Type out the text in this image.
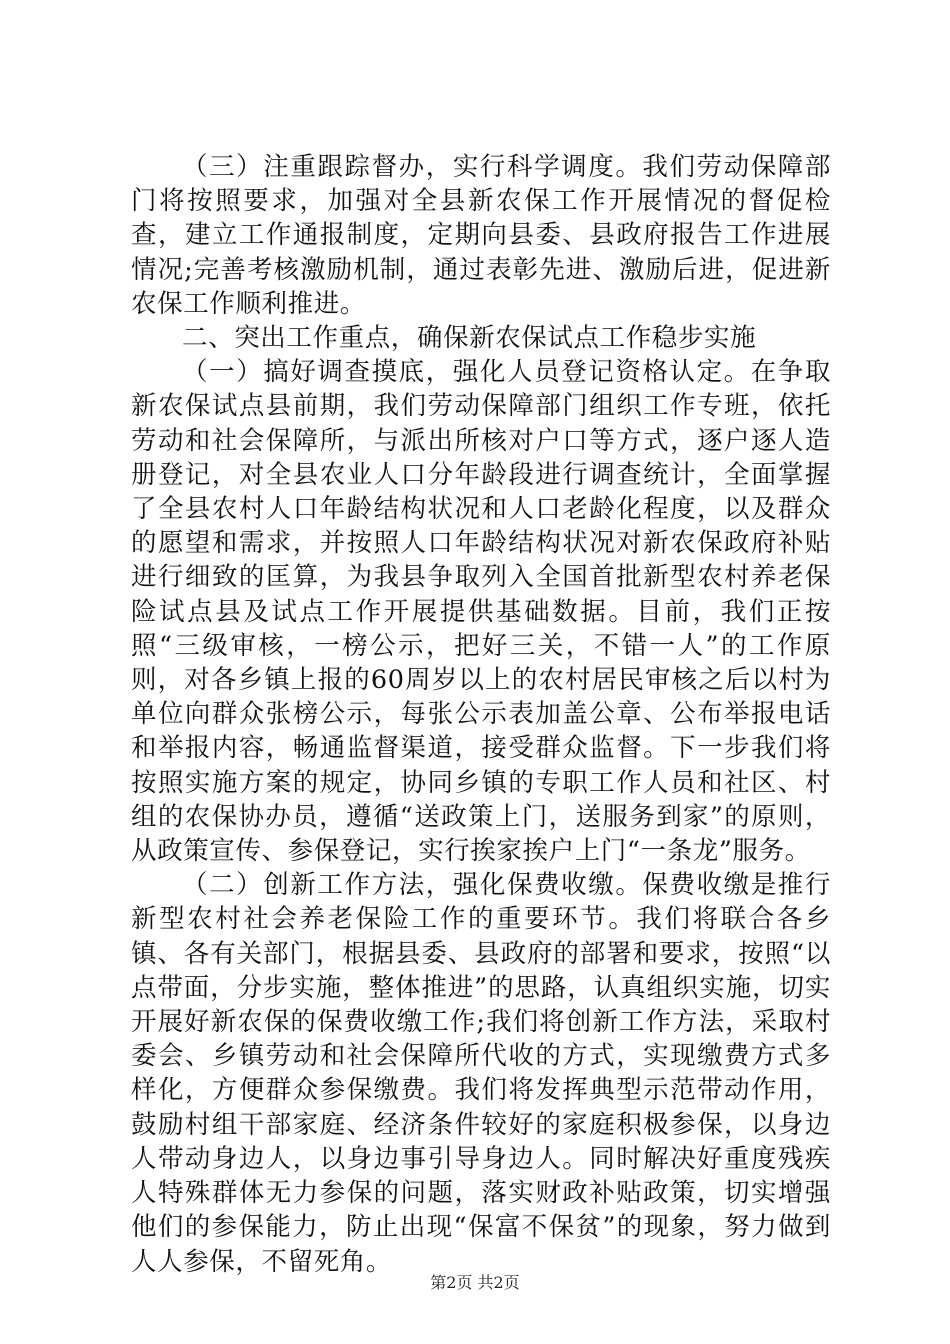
（三）注重跟踪督办，实行科学调度。我们劳动保障部门将按照要求，加强对全县新农保工作开展情况的督促检查，建立工作通报制度，定期向县委、县政府报告工作进展情况;完善考核激励机制，通过表彰先进、激励后进，促进新农保工作顺利推进。

二、突出工作重点，确保新农保试点工作稳步实施

（一）搞好调查摸底，强化人员登记资格认定。在争取新农保试点县前期，我们劳动保障部门组织工作专班，依托劳动和社会保障所，与派出所核对户口等方式，逐户逐人造册登记，对全县农业人口分年龄段进行调查统计，全面掌握了全县农村人口年龄结构状况和人口老龄化程度，以及群众的愿望和需求，并按照人口年龄结构状况对新农保政府补贴进行细致的匡算，为我县争取列入全国首批新型农村养老保险试点县及试点工作开展提供基础数据。目前，我们正按照“三级审核，一榜公示，把好三关，不错一人”的工作原则，对各乡镇上报的60周岁以上的农村居民审核之后以村为单位向群众张榜公示，每张公示表加盖公章、公布举报电话和举报内容，畅通监督渠道，接受群众监督。下一步我们将按照实施方案的规定，协同乡镇的专职工作人员和社区、村组的农保协办员，遵循“送政策上门，送服务到家”的原则，从政策宣传、参保登记，实行挨家挨户上门“一条龙”服务。

（二）创新工作方法，强化保费收缴。保费收缴是推行新型农村社会养老保险工作的重要环节。我们将联合各乡镇、各有关部门，根据县委、县政府的部署和要求，按照“以点带面，分步实施，整体推进”的思路，认真组织实施，切实开展好新农保的保费收缴工作;我们将创新工作方法，采取村委会、乡镇劳动和社会保障所代收的方式，实现缴费方式多样化，方便群众参保缴费。我们将发挥典型示范带动作用，鼓励村组干部家庭、经济条件较好的家庭积极参保，以身边人带动身边人，以身边事引导身边人。同时解决好重度残疾人特殊群体无力参保的问题，落实财政补贴政策，切实增强他们的参保能力，防止出现“保富不保贫”的现象，努力做到人人参保，不留死角。

第2页 共2页
